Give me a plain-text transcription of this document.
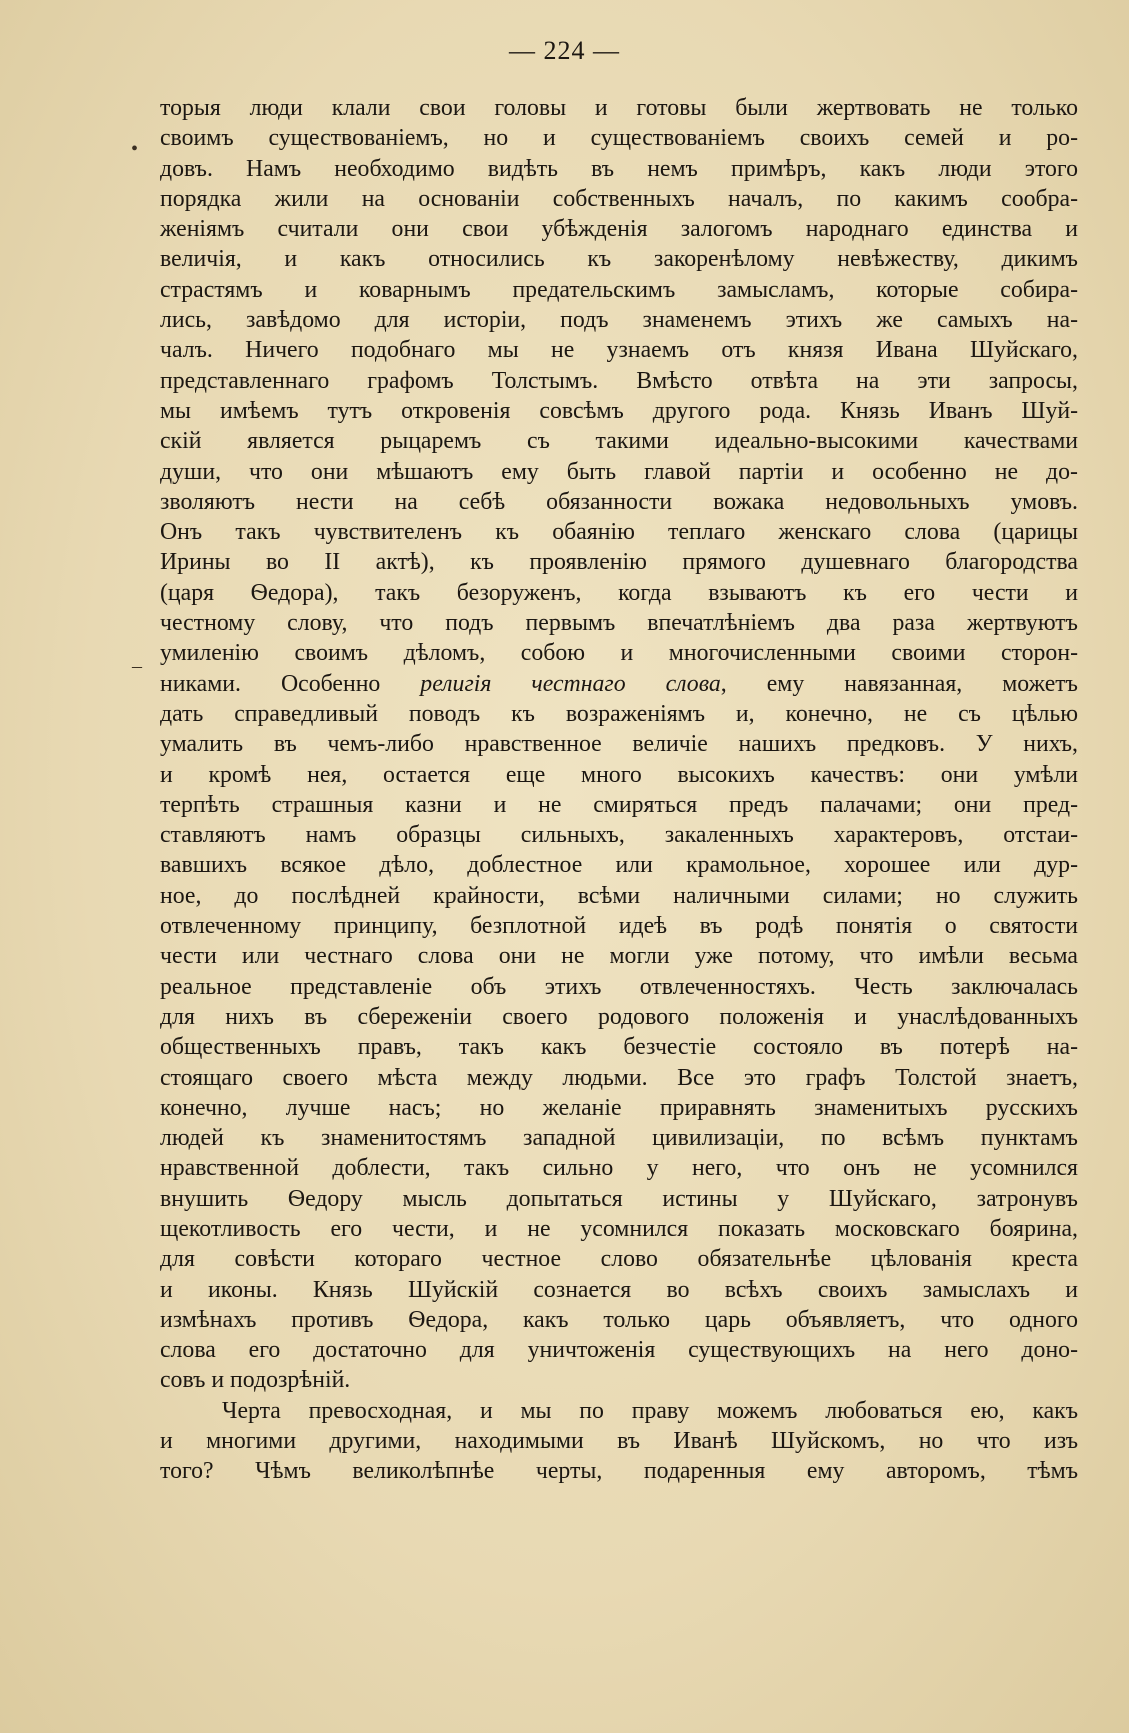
— 224 —

торыя люди клали свои головы и готовы были жертвовать не только
своимъ существованіемъ, но и существованіемъ своихъ семей и ро-
довъ. Намъ необходимо видѣть въ немъ примѣръ, какъ люди этого
порядка жили на основаніи собственныхъ началъ, по какимъ сообра-
женіямъ считали они свои убѣжденія залогомъ народнаго единства и
величія, и какъ относились къ закоренѣлому невѣжеству, дикимъ
страстямъ и коварнымъ предательскимъ замысламъ, которые собира-
лись, завѣдомо для исторіи, подъ знаменемъ этихъ же самыхъ на-
чалъ. Ничего подобнаго мы не узнаемъ отъ князя Ивана Шуйскаго,
представленнаго графомъ Толстымъ. Вмѣсто отвѣта на эти запросы,
мы имѣемъ тутъ откровенія совсѣмъ другого рода. Князь Иванъ Шуй-
скій является рыцаремъ съ такими идеально-высокими качествами
души, что они мѣшаютъ ему быть главой партіи и особенно не до-
зволяютъ нести на себѣ обязанности вожака недовольныхъ умовъ.
Онъ такъ чувствителенъ къ обаянію теплаго женскаго слова (царицы
Ирины во II актѣ), къ проявленію прямого душевнаго благородства
(царя Ѳедора), такъ безоруженъ, когда взываютъ къ его чести и
честному слову, что подъ первымъ впечатлѣніемъ два раза жертвуютъ
умиленію своимъ дѣломъ, собою и многочисленными своими сторон-
никами. Особенно религія честнаго слова, ему навязанная, можетъ
дать справедливый поводъ къ возраженіямъ и, конечно, не съ цѣлью
умалить въ чемъ-либо нравственное величіе нашихъ предковъ. У нихъ,
и кромѣ нея, остается еще много высокихъ качествъ: они умѣли
терпѣть страшныя казни и не смиряться предъ палачами; они пред-
ставляютъ намъ образцы сильныхъ, закаленныхъ характеровъ, отстаи-
вавшихъ всякое дѣло, доблестное или крамольное, хорошее или дур-
ное, до послѣдней крайности, всѣми наличными силами; но служить
отвлеченному принципу, безплотной идеѣ въ родѣ понятія о святости
чести или честнаго слова они не могли уже потому, что имѣли весьма
реальное представленіе объ этихъ отвлеченностяхъ. Честь заключалась
для нихъ въ сбереженіи своего родового положенія и унаслѣдованныхъ
общественныхъ правъ, такъ какъ безчестіе состояло въ потерѣ на-
стоящаго своего мѣста между людьми. Все это графъ Толстой знаетъ,
конечно, лучше насъ; но желаніе приравнять знаменитыхъ русскихъ
людей къ знаменитостямъ западной цивилизаціи, по всѣмъ пунктамъ
нравственной доблести, такъ сильно у него, что онъ не усомнился
внушить Ѳедору мысль допытаться истины у Шуйскаго, затронувъ
щекотливость его чести, и не усомнился показать московскаго боярина,
для совѣсти котораго честное слово обязательнѣе цѣлованія креста
и иконы. Князь Шуйскій сознается во всѣхъ своихъ замыслахъ и
измѣнахъ противъ Ѳедора, какъ только царь объявляетъ, что одного
слова его достаточно для уничтоженія существующихъ на него доно-
совъ и подозрѣній.

Черта превосходная, и мы по праву можемъ любоваться ею, какъ
и многими другими, находимыми въ Иванѣ Шуйскомъ, но что изъ
того? Чѣмъ великолѣпнѣе черты, подаренныя ему авторомъ, тѣмъ

•
–
